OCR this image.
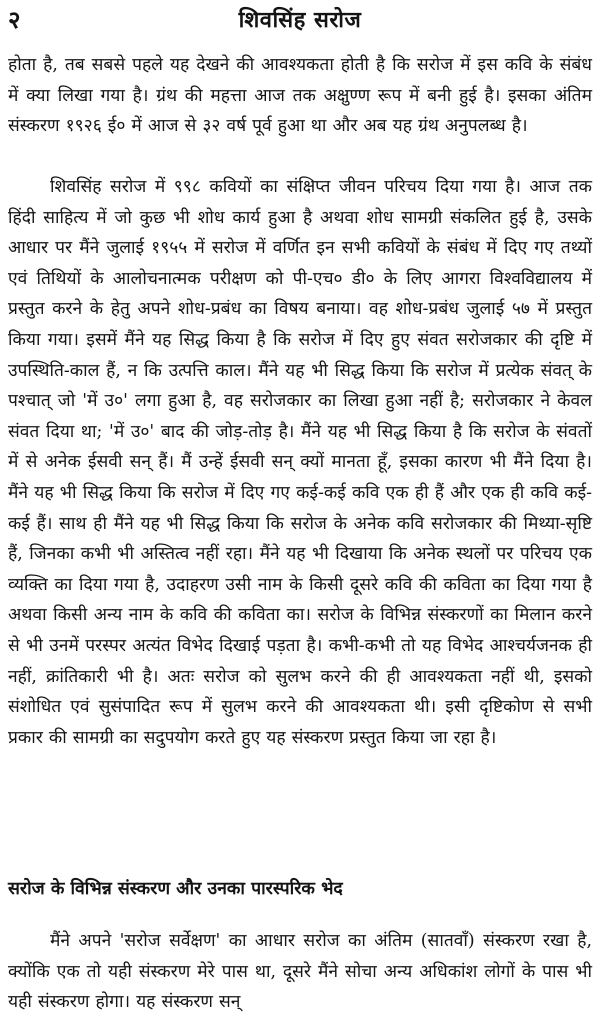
२	शिवसिंह सरोज

होता है, तब सबसे पहले यह देखने की आवश्यकता होती है कि सरोज में इस कवि के संबंध में क्या लिखा गया है। ग्रंथ की महत्ता आज तक अक्षुण्ण रूप में बनी हुई है। इसका अंतिम संस्करण १९२६ ई० में आज से ३२ वर्ष पूर्व हुआ था और अब यह ग्रंथ अनुपलब्ध है।

शिवसिंह सरोज में ९९८ कवियों का संक्षिप्त जीवन परिचय दिया गया है। आज तक हिंदी साहित्य में जो कुछ भी शोध कार्य हुआ है अथवा शोध सामग्री संकलित हुई है, उसके आधार पर मैंने जुलाई १९५५ में सरोज में वर्णित इन सभी कवियों के संबंध में दिए गए तथ्यों एवं तिथियों के आलोचनात्मक परीक्षण को पी-एच० डी० के लिए आगरा विश्वविद्यालय में प्रस्तुत करने के हेतु अपने शोध-प्रबंध का विषय बनाया। वह शोध-प्रबंध जुलाई ५७ में प्रस्तुत किया गया। इसमें मैंने यह सिद्ध किया है कि सरोज में दिए हुए संवत सरोजकार की दृष्टि में उपस्थिति-काल हैं, न कि उत्पत्ति काल। मैंने यह भी सिद्ध किया कि सरोज में प्रत्येक संवत् के पश्चात् जो 'में उ०' लगा हुआ है, वह सरोजकार का लिखा हुआ नहीं है; सरोजकार ने केवल संवत दिया था; 'में उ०' बाद की जोड़-तोड़ है। मैंने यह भी सिद्ध किया है कि सरोज के संवतों में से अनेक ईसवी सन् हैं। मैं उन्हें ईसवी सन् क्यों मानता हूँ, इसका कारण भी मैंने दिया है। मैंने यह भी सिद्ध किया कि सरोज में दिए गए कई-कई कवि एक ही हैं और एक ही कवि कई-कई हैं। साथ ही मैंने यह भी सिद्ध किया कि सरोज के अनेक कवि सरोजकार की मिथ्या-सृष्टि हैं, जिनका कभी भी अस्तित्व नहीं रहा। मैंने यह भी दिखाया कि अनेक स्थलों पर परिचय एक व्यक्ति का दिया गया है, उदाहरण उसी नाम के किसी दूसरे कवि की कविता का दिया गया है अथवा किसी अन्य नाम के कवि की कविता का। सरोज के विभिन्न संस्करणों का मिलान करने से भी उनमें परस्पर अत्यंत विभेद दिखाई पड़ता है। कभी-कभी तो यह विभेद आश्चर्यजनक ही नहीं, क्रांतिकारी भी है। अतः सरोज को सुलभ करने की ही आवश्यकता नहीं थी, इसको संशोधित एवं सुसंपादित रूप में सुलभ करने की आवश्यकता थी। इसी दृष्टिकोण से सभी प्रकार की सामग्री का सदुपयोग करते हुए यह संस्करण प्रस्तुत किया जा रहा है।

सरोज के विभिन्न संस्करण और उनका पारस्परिक भेद

मैंने अपने 'सरोज सर्वेक्षण' का आधार सरोज का अंतिम (सातवाँ) संस्करण रखा है, क्योंकि एक तो यही संस्करण मेरे पास था, दूसरे मैंने सोचा अन्य अधिकांश लोगों के पास भी यही संस्करण होगा। यह संस्करण सन्
